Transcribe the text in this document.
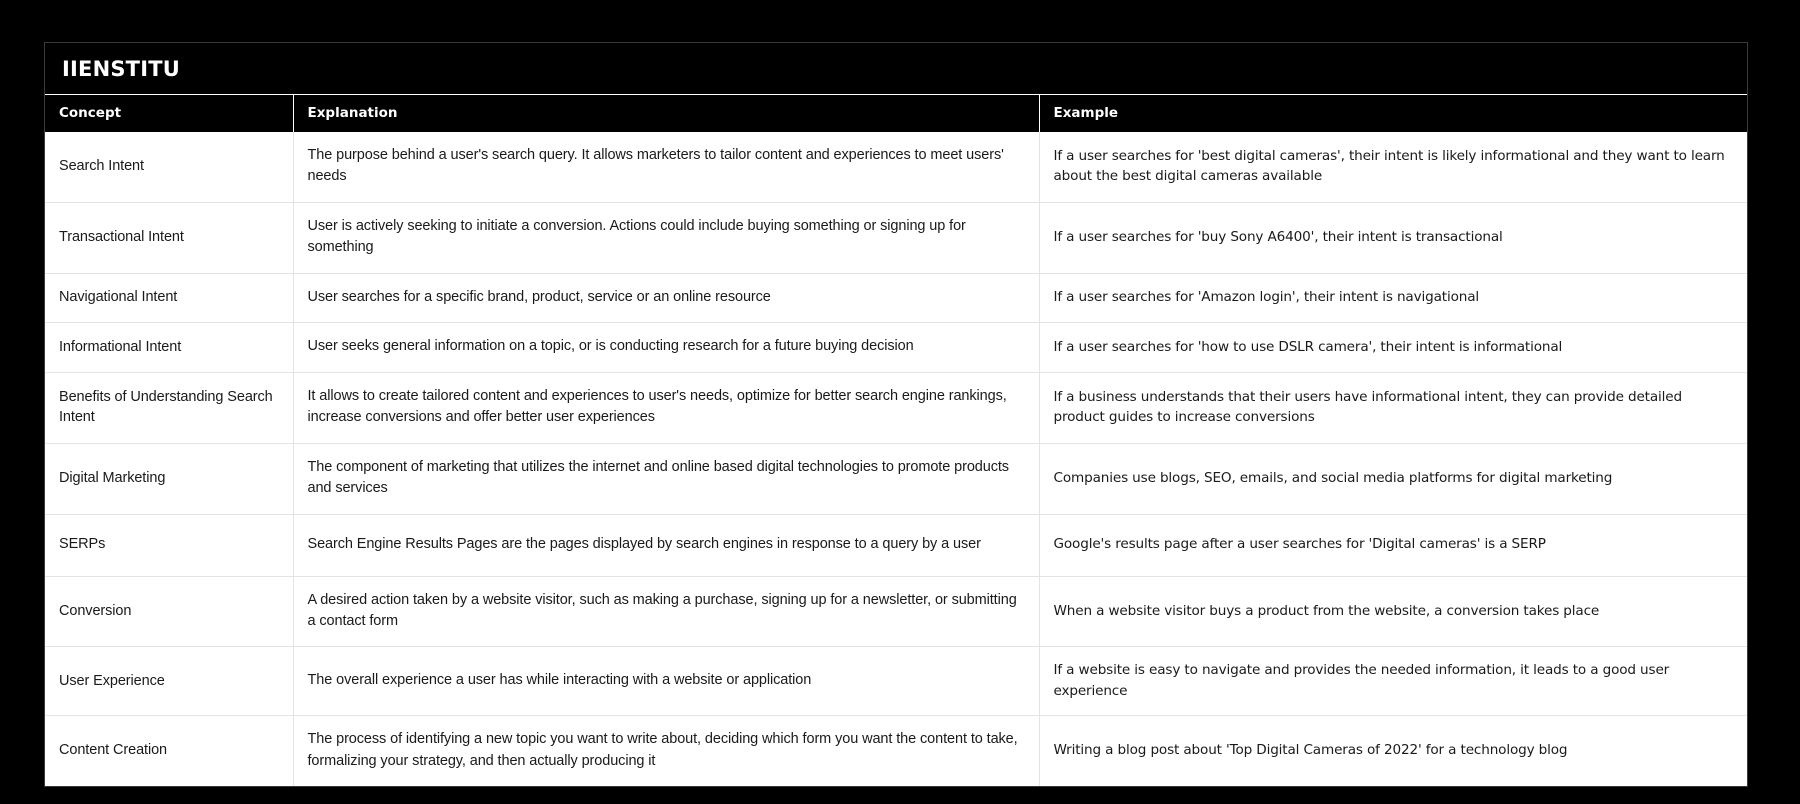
IIENSTITU
Concept	Explanation	Example
Search Intent	The purpose behind a user's search query. It allows marketers to tailor content and experiences to meet users' needs	If a user searches for 'best digital cameras', their intent is likely informational and they want to learn about the best digital cameras available
Transactional Intent	User is actively seeking to initiate a conversion. Actions could include buying something or signing up for something	If a user searches for 'buy Sony A6400', their intent is transactional
Navigational Intent	User searches for a specific brand, product, service or an online resource	If a user searches for 'Amazon login', their intent is navigational
Informational Intent	User seeks general information on a topic, or is conducting research for a future buying decision	If a user searches for 'how to use DSLR camera', their intent is informational
Benefits of Understanding Search Intent	It allows to create tailored content and experiences to user's needs, optimize for better search engine rankings, increase conversions and offer better user experiences	If a business understands that their users have informational intent, they can provide detailed product guides to increase conversions
Digital Marketing	The component of marketing that utilizes the internet and online based digital technologies to promote products and services	Companies use blogs, SEO, emails, and social media platforms for digital marketing
SERPs	Search Engine Results Pages are the pages displayed by search engines in response to a query by a user	Google's results page after a user searches for 'Digital cameras' is a SERP
Conversion	A desired action taken by a website visitor, such as making a purchase, signing up for a newsletter, or submitting a contact form	When a website visitor buys a product from the website, a conversion takes place
User Experience	The overall experience a user has while interacting with a website or application	If a website is easy to navigate and provides the needed information, it leads to a good user experience
Content Creation	The process of identifying a new topic you want to write about, deciding which form you want the content to take, formalizing your strategy, and then actually producing it	Writing a blog post about 'Top Digital Cameras of 2022' for a technology blog
